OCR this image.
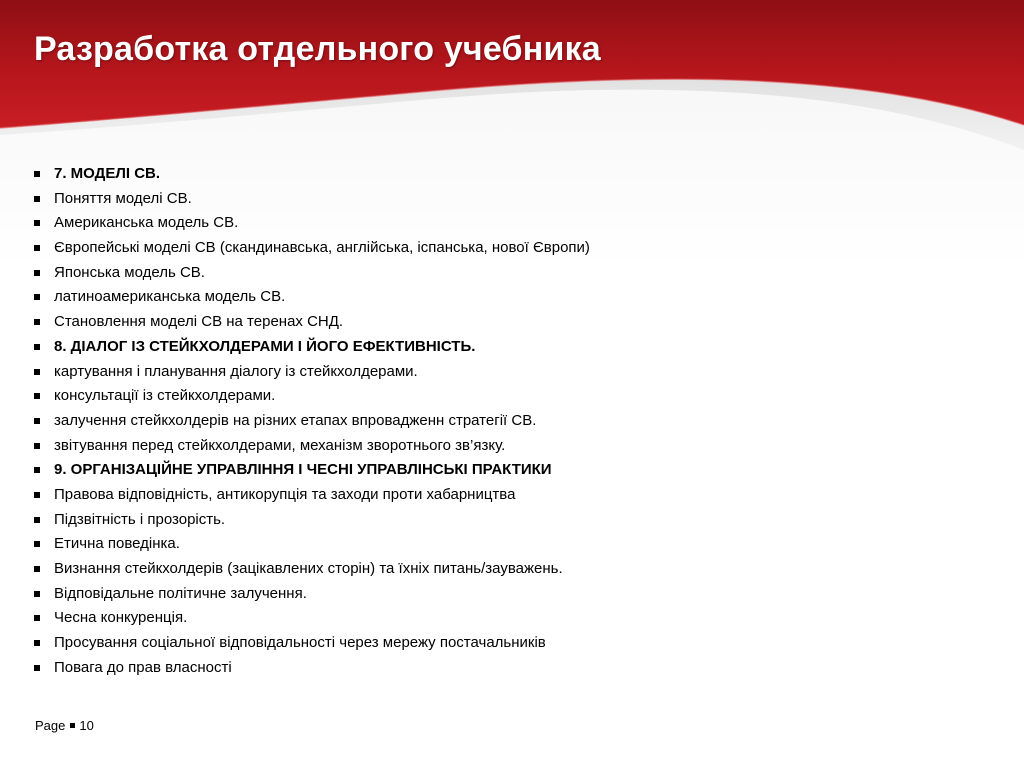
Разработка отдельного учебника
7. МОДЕЛІ СВ.
Поняття моделі СВ.
Американська модель СВ.
Європейські моделі СВ (скандинавська, англійська, іспанська, нової Європи)
Японська модель СВ.
латиноамериканська модель СВ.
Становлення моделі СВ на теренах СНД.
8. ДІАЛОГ ІЗ СТЕЙКХОЛДЕРАМИ І ЙОГО ЕФЕКТИВНІСТЬ.
картування і планування діалогу із стейкхолдерами.
консультації із стейкхолдерами.
залучення стейкхолдерів на різних етапах впровадженн стратегії СВ.
звітування перед стейкхолдерами, механізм зворотнього зв’язку.
9. ОРГАНІЗАЦІЙНЕ УПРАВЛІННЯ І ЧЕСНІ УПРАВЛІНСЬКІ ПРАКТИКИ
Правова відповідність, антикорупція та заходи проти хабарництва
Підзвітність і прозорість.
Етична поведінка.
Визнання стейкхолдерів (зацікавлених сторін) та їхніх питань/зауважень.
Відповідальне політичне залучення.
Чесна конкуренція.
Просування соціальної відповідальності через мережу постачальників
Повага до прав власності
Page 10
